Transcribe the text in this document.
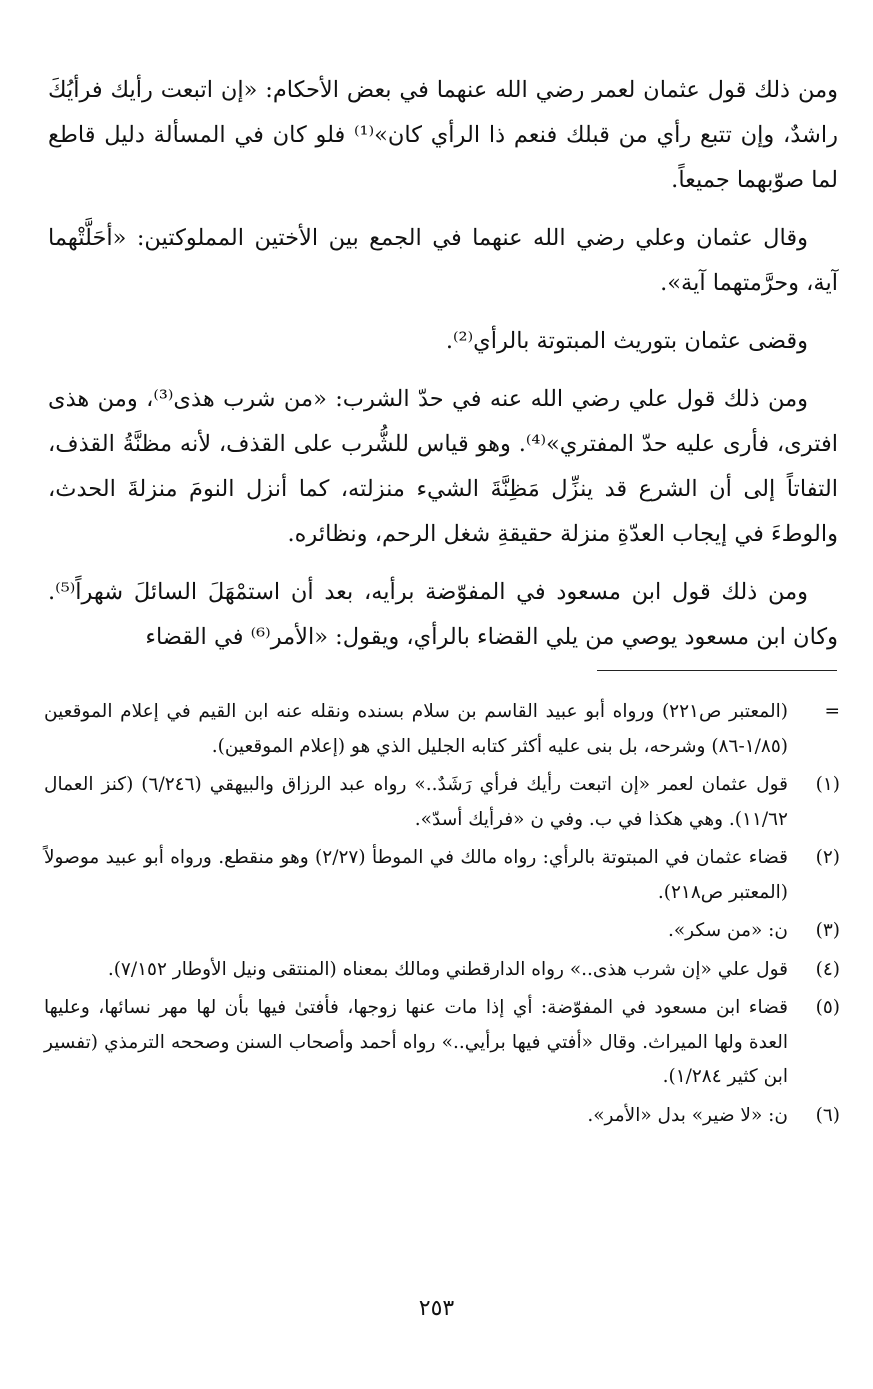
ومن ذلك قول عثمان لعمر رضي الله عنهما في بعض الأحكام: «إن اتبعت رأيك فرأيُكَ راشدٌ، وإن تتبع رأي من قبلك فنعم ذا الرأي كان»⁽¹⁾ فلو كان في المسألة دليل قاطع لما صوّبهما جميعاً.

وقال عثمان وعلي رضي الله عنهما في الجمع بين الأختين المملوكتين: «أحَلَّتْهما آية، وحرَّمتهما آية».

وقضى عثمان بتوريث المبتوتة بالرأي⁽²⁾.

ومن ذلك قول علي رضي الله عنه في حدّ الشرب: «من شرب هذى⁽³⁾، ومن هذى افترى، فأرى عليه حدّ المفتري»⁽⁴⁾. وهو قياس للشُّرب على القذف، لأنه مظنَّةُ القذف، التفاتاً إلى أن الشرع قد ينزِّل مَظِنَّةَ الشيء منزلته، كما أنزل النومَ منزلةَ الحدث، والوطءَ في إيجاب العدّةِ منزلة حقيقةِ شغل الرحم، ونظائره.

ومن ذلك قول ابن مسعود في المفوّضة برأيه، بعد أن استمْهَلَ السائلَ شهراً⁽⁵⁾. وكان ابن مسعود يوصي من يلي القضاء بالرأي، ويقول: «الأمر⁽⁶⁾ في القضاء

=
(المعتبر ص٢٢١) ورواه أبو عبيد القاسم بن سلام بسنده ونقله عنه ابن القيم في إعلام الموقعين (١/٨٥-٨٦) وشرحه، بل بنى عليه أكثر كتابه الجليل الذي هو (إعلام الموقعين).
(١)
قول عثمان لعمر «إن اتبعت رأيك فرأي رَشَدٌ..» رواه عبد الرزاق والبيهقي (٦/٢٤٦) (كنز العمال ١١/٦٢). وهي هكذا في ب. وفي ن «فرأيك أسدّ».
(٢)
قضاء عثمان في المبتوتة بالرأي: رواه مالك في الموطأ (٢/٢٧) وهو منقطع. ورواه أبو عبيد موصولاً (المعتبر ص٢١٨).
(٣)
ن: «من سكر».
(٤)
قول علي «إن شرب هذى..» رواه الدارقطني ومالك بمعناه (المنتقى ونيل الأوطار ٧/١٥٢).
(٥)
قضاء ابن مسعود في المفوّضة: أي إذا مات عنها زوجها، فأفتىٰ فيها بأن لها مهر نسائها، وعليها العدة ولها الميراث. وقال «أفتي فيها برأيي..» رواه أحمد وأصحاب السنن وصححه الترمذي (تفسير ابن كثير ١/٢٨٤).
(٦)
ن: «لا ضير» بدل «الأمر».
٢٥٣
